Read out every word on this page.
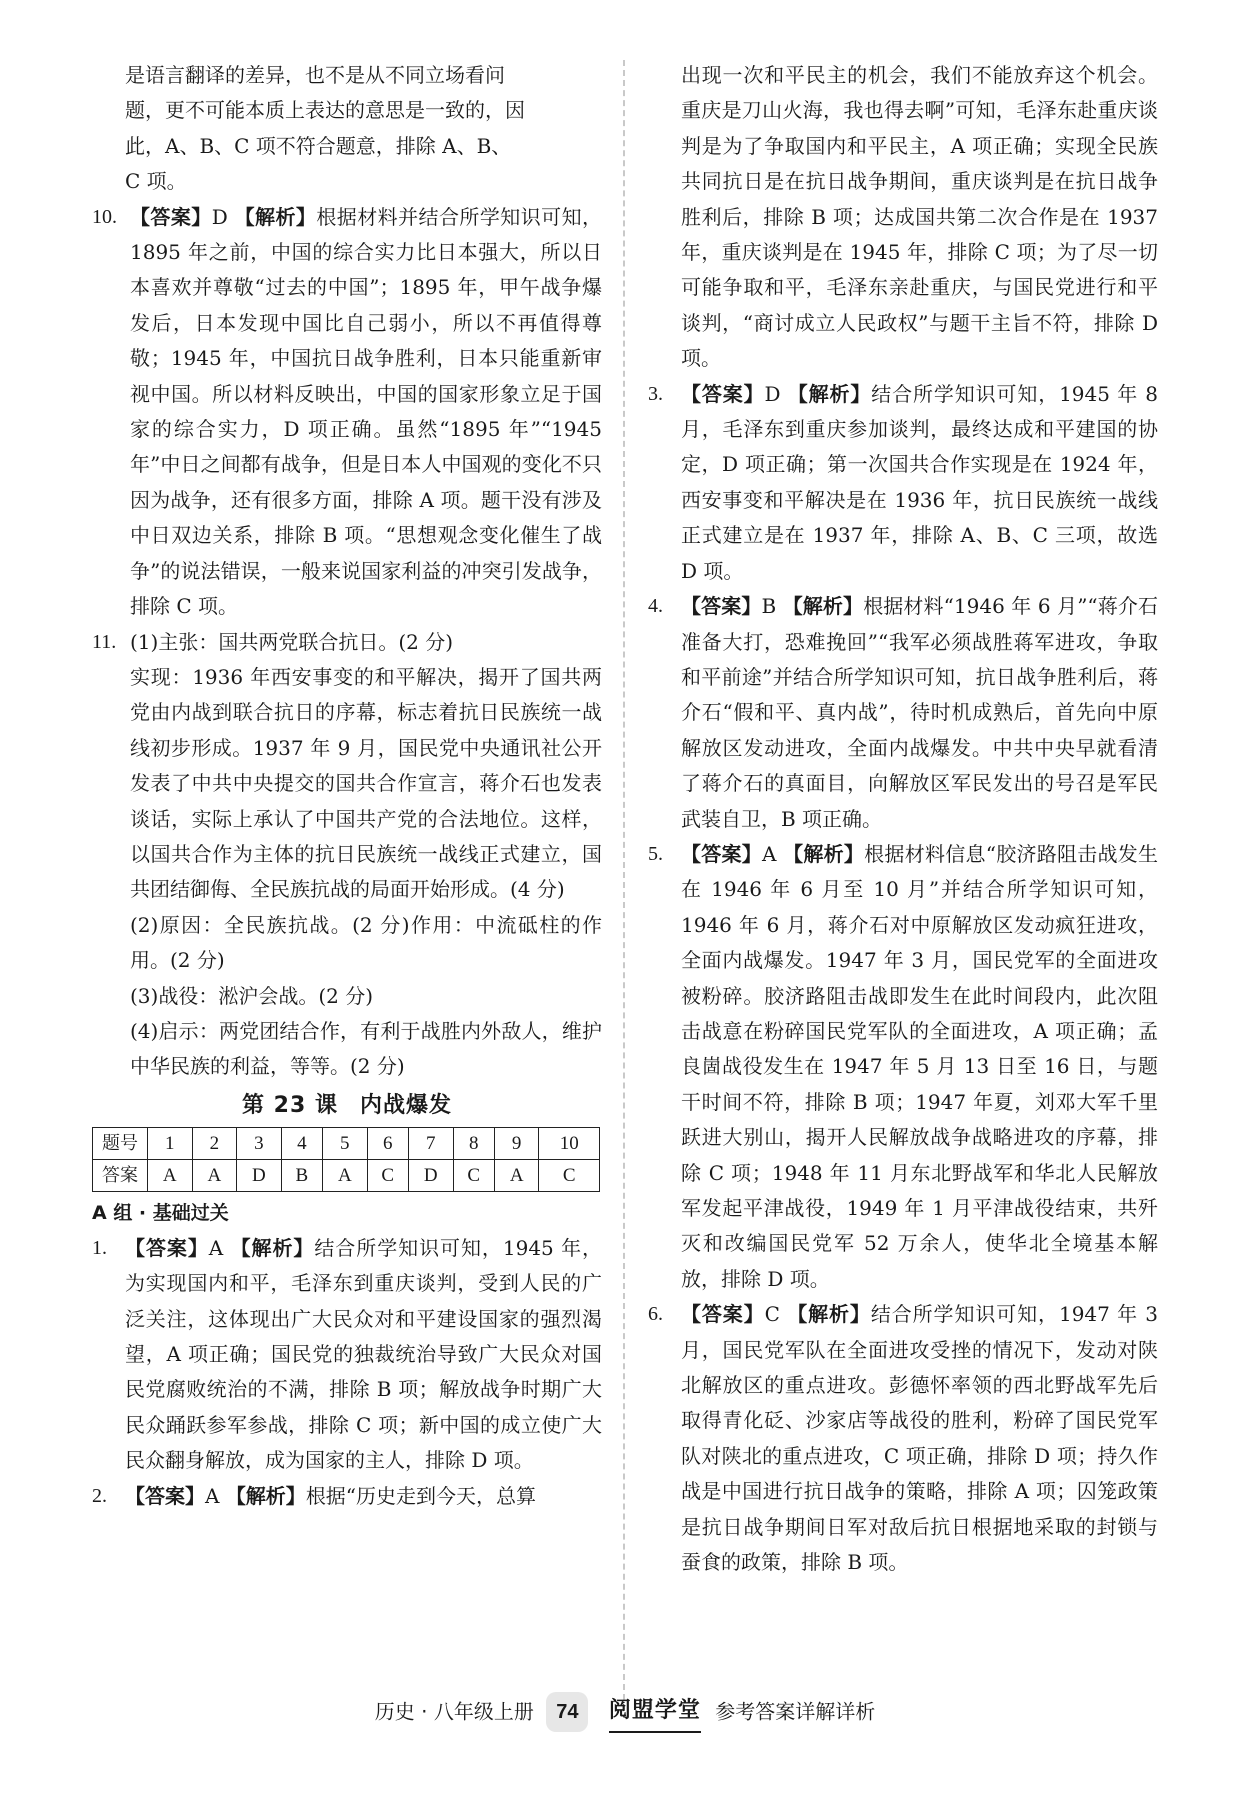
是语言翻译的差异，也不是从不同立场看问

题，更不可能本质上表达的意思是一致的，因

此，A、B、C 项不符合题意，排除 A、B、

C 项。

10. 【答案】D 【解析】根据材料并结合所学知识可知，1895 年之前，中国的综合实力比日本强大，所以日本喜欢并尊敬“过去的中国”；1895 年，甲午战争爆发后，日本发现中国比自己弱小，所以不再值得尊敬；1945 年，中国抗日战争胜利，日本只能重新审视中国。所以材料反映出，中国的国家形象立足于国家的综合实力，D 项正确。虽然“1895 年”“1945 年”中日之间都有战争，但是日本人中国观的变化不只因为战争，还有很多方面，排除 A 项。题干没有涉及中日双边关系，排除 B 项。“思想观念变化催生了战争”的说法错误，一般来说国家利益的冲突引发战争，排除 C 项。
11. (1)主张：国共两党联合抗日。(2 分)

实现：1936 年西安事变的和平解决，揭开了国共两党由内战到联合抗日的序幕，标志着抗日民族统一战线初步形成。1937 年 9 月，国民党中央通讯社公开发表了中共中央提交的国共合作宣言，蒋介石也发表谈话，实际上承认了中国共产党的合法地位。这样，以国共合作为主体的抗日民族统一战线正式建立，国共团结御侮、全民族抗战的局面开始形成。(4 分)

(2)原因：全民族抗战。(2 分)作用：中流砥柱的作用。(2 分)

(3)战役：淞沪会战。(2 分)

(4)启示：两党团结合作，有利于战胜内外敌人，维护中华民族的利益，等等。(2 分)

第 23 课 内战爆发
题号	1	2	3	4	5	6	7	8	9	10
答案	A	A	D	B	A	C	D	C	A	C
A 组 · 基础过关
1. 【答案】A 【解析】结合所学知识可知，1945 年，为实现国内和平，毛泽东到重庆谈判，受到人民的广泛关注，这体现出广大民众对和平建设国家的强烈渴望，A 项正确；国民党的独裁统治导致广大民众对国民党腐败统治的不满，排除 B 项；解放战争时期广大民众踊跃参军参战，排除 C 项；新中国的成立使广大民众翻身解放，成为国家的主人，排除 D 项。
2. 【答案】A 【解析】根据“历史走到今天，总算

出现一次和平民主的机会，我们不能放弃这个机会。重庆是刀山火海，我也得去啊”可知，毛泽东赴重庆谈判是为了争取国内和平民主，A 项正确；实现全民族共同抗日是在抗日战争期间，重庆谈判是在抗日战争胜利后，排除 B 项；达成国共第二次合作是在 1937 年，重庆谈判是在 1945 年，排除 C 项；为了尽一切可能争取和平，毛泽东亲赴重庆，与国民党进行和平谈判，“商讨成立人民政权”与题干主旨不符，排除 D 项。

3. 【答案】D 【解析】结合所学知识可知，1945 年 8 月，毛泽东到重庆参加谈判，最终达成和平建国的协定，D 项正确；第一次国共合作实现是在 1924 年，西安事变和平解决是在 1936 年，抗日民族统一战线正式建立是在 1937 年，排除 A、B、C 三项，故选 D 项。
4. 【答案】B 【解析】根据材料“1946 年 6 月”“蒋介石准备大打，恐难挽回”“我军必须战胜蒋军进攻，争取和平前途”并结合所学知识可知，抗日战争胜利后，蒋介石“假和平、真内战”，待时机成熟后，首先向中原解放区发动进攻，全面内战爆发。中共中央早就看清了蒋介石的真面目，向解放区军民发出的号召是军民武装自卫，B 项正确。
5. 【答案】A 【解析】根据材料信息“胶济路阻击战发生在 1946 年 6 月至 10 月”并结合所学知识可知，1946 年 6 月，蒋介石对中原解放区发动疯狂进攻，全面内战爆发。1947 年 3 月，国民党军的全面进攻被粉碎。胶济路阻击战即发生在此时间段内，此次阻击战意在粉碎国民党军队的全面进攻，A 项正确；孟良崮战役发生在 1947 年 5 月 13 日至 16 日，与题干时间不符，排除 B 项；1947 年夏，刘邓大军千里跃进大别山，揭开人民解放战争战略进攻的序幕，排除 C 项；1948 年 11 月东北野战军和华北人民解放军发起平津战役，1949 年 1 月平津战役结束，共歼灭和改编国民党军 52 万余人，使华北全境基本解放，排除 D 项。
6. 【答案】C 【解析】结合所学知识可知，1947 年 3 月，国民党军队在全面进攻受挫的情况下，发动对陕北解放区的重点进攻。彭德怀率领的西北野战军先后取得青化砭、沙家店等战役的胜利，粉碎了国民党军队对陕北的重点进攻，C 项正确，排除 D 项；持久作战是中国进行抗日战争的策略，排除 A 项；囚笼政策是抗日战争期间日军对敌后抗日根据地采取的封锁与蚕食的政策，排除 B 项。
历史 · 八年级上册 74 阅盟学堂 参考答案详解详析
